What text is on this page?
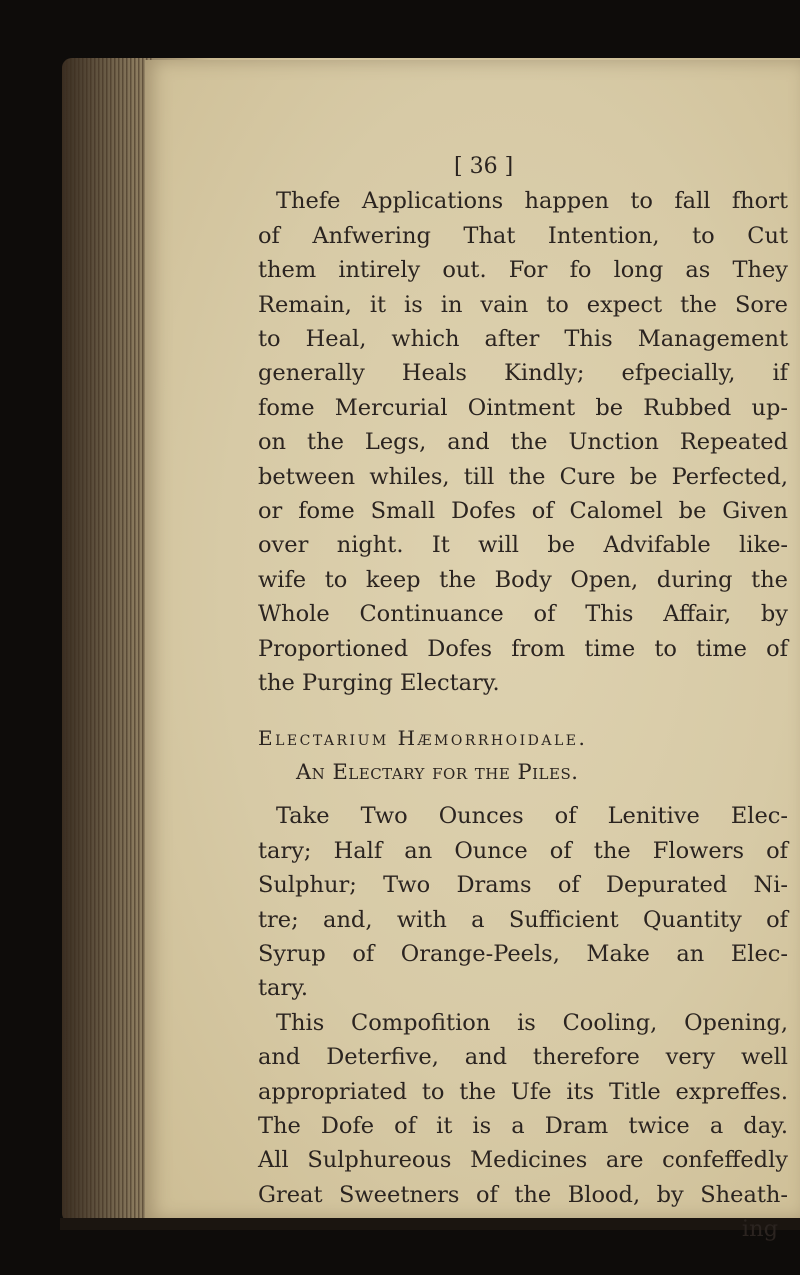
[ 36 ]
Thefe Applications happen to fall fhort
of Anfwering That Intention, to Cut
them intirely out. For fo long as They
Remain, it is in vain to expect the Sore
to Heal, which after This Management
generally Heals Kindly; efpecially, if
fome Mercurial Ointment be Rubbed up-
on the Legs, and the Unction Repeated
between whiles, till the Cure be Perfected,
or fome Small Dofes of Calomel be Given
over night. It will be Advifable like-
wife to keep the Body Open, during the
Whole Continuance of This Affair, by
Proportioned Dofes from time to time of
the Purging Electary.
Electarium Hæmorrhoidale.
An Electary for the Piles.
Take Two Ounces of Lenitive Elec-
tary; Half an Ounce of the Flowers of
Sulphur; Two Drams of Depurated Ni-
tre; and, with a Sufficient Quantity of
Syrup of Orange-Peels, Make an Elec-
tary.
This Compofition is Cooling, Opening,
and Deterfive, and therefore very well
appropriated to the Ufe its Title expreffes.
The Dofe of it is a Dram twice a day.
All Sulphureous Medicines are confeffedly
Great Sweetners of the Blood, by Sheath-
ing
